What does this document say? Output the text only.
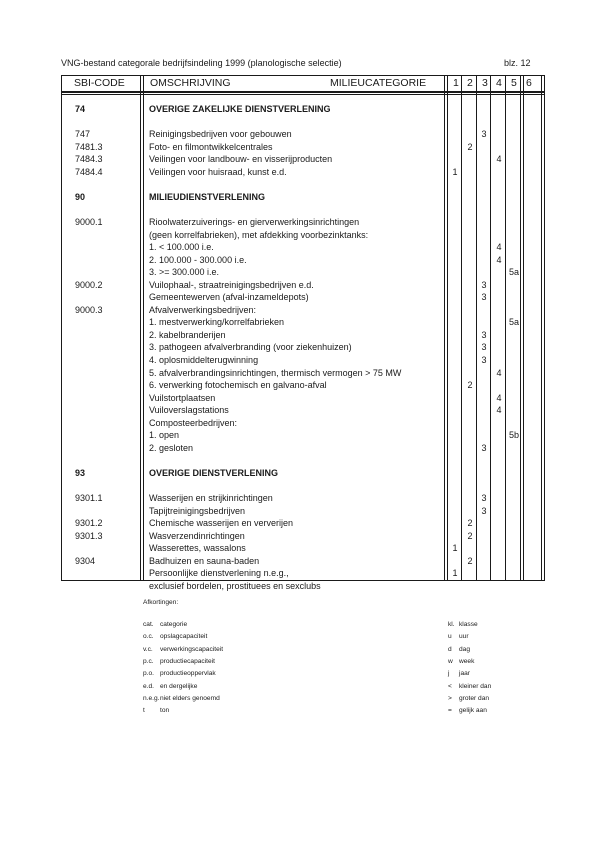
VNG-bestand categorale bedrijfsindeling 1999 (planologische selectie)	blz. 12
SBI-CODE OMSCHRIJVING	MILIEUCATEGORIE	1 2 3 4 5 6
74	OVERIGE ZAKELIJKE DIENSTVERLENING
747	Reinigingsbedrijven voor gebouwen	3
7481.3	Foto- en filmontwikkelcentrales	2
7484.3	Veilingen voor landbouw- en visserijproducten	4
7484.4	Veilingen voor huisraad, kunst e.d.	1
90	MILIEUDIENSTVERLENING
9000.1	Rioolwaterzuiverings- en gierverwerkingsinrichtingen
(geen korrelfabrieken), met afdekking voorbezinktanks:
1. < 100.000 i.e.	4
2. 100.000 - 300.000 i.e.	4
3. >= 300.000 i.e.	5a
9000.2	Vuilophaal-, straatreinigingsbedrijven e.d.	3
Gemeentewerven (afval-inzameldepots)	3
9000.3	Afvalverwerkingsbedrijven:
1. mestverwerking/korrelfabrieken	5a
2. kabelbranderijen	3
3. pathogeen afvalverbranding (voor ziekenhuizen)	3
4. oplosmiddelterugwinning	3
5. afvalverbrandingsinrichtingen, thermisch vermogen > 75 MW	4
6. verwerking fotochemisch en galvano-afval	2
Vuilstortplaatsen	4
Vuiloverslagstations	4
Composteerbedrijven:
1. open	5b
2. gesloten	3
93	OVERIGE DIENSTVERLENING
9301.1	Wasserijen en strijkinrichtingen	3
Tapijtreinigingsbedrijven	3
9301.2	Chemische wasserijen en ververijen	2
9301.3	Wasverzendinrichtingen	2
Wasserettes, wassalons	1
9304	Badhuizen en sauna-baden	2
Persoonlijke dienstverlening n.e.g.,	1
exclusief bordelen, prostituees en sexclubs
Afkortingen:
cat. categorie
o.c. opslagcapaciteit
v.c. verwerkingscapaciteit
p.c. productiecapaciteit
p.o. productieoppervlak
e.d. en dergelijke
n.e.g. niet elders genoemd
t ton
kl. klasse
u uur
d dag
w week
j jaar
< kleiner dan
> groter dan
= gelijk aan
